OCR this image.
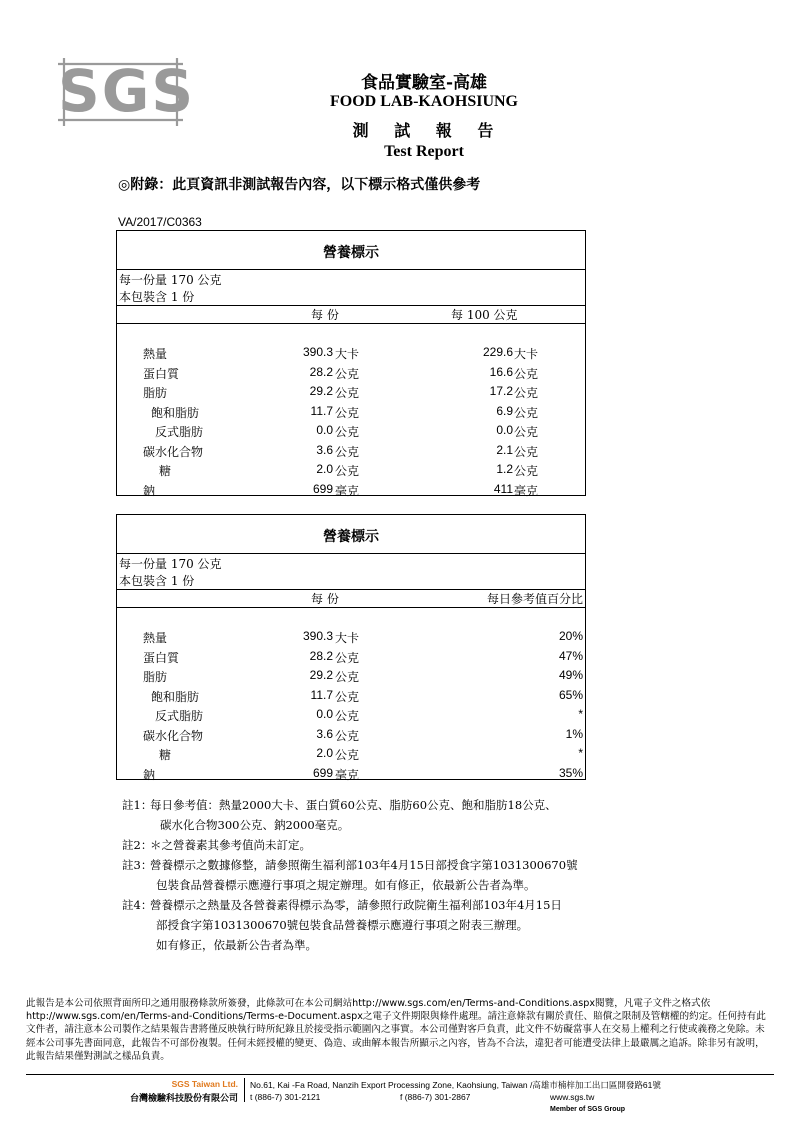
SGS	食品實驗室-高雄
FOOD LAB-KAOHSIUNG
測 試 報 告
Test Report
◎附錄：此頁資訊非測試報告內容，以下標示格式僅供參考
VA/2017/C0363
營養標示
每一份量 170 公克
本包裝含 1 份
每 份	每 100 公克
熱量	390.3 大卡	229.6 大卡
蛋白質	28.2 公克	16.6 公克
脂肪	29.2 公克	17.2 公克
飽和脂肪	11.7 公克	6.9 公克
反式脂肪	0.0 公克	0.0 公克
碳水化合物	3.6 公克	2.1 公克
糖	2.0 公克	1.2 公克
鈉	699 毫克	411 毫克
營養標示
每一份量 170 公克
本包裝含 1 份
每 份	每日參考值百分比
熱量	390.3 大卡	20%
蛋白質	28.2 公克	47%
脂肪	29.2 公克	49%
飽和脂肪	11.7 公克	65%
反式脂肪	0.0 公克	*
碳水化合物	3.6 公克	1%
糖	2.0 公克	*
鈉	699 毫克	35%
註1：
每日參考值：熱量2000大卡、蛋白質60公克、脂肪60公克、飽和脂肪18公克、
碳水化合物300公克、鈉2000毫克。
註2：
＊之營養素其參考值尚未訂定。
註3：
營養標示之數據修整，請參照衛生福利部103年4月15日部授食字第1031300670號
包裝食品營養標示應遵行事項之規定辦理。如有修正，依最新公告者為準。
註4：
營養標示之熱量及各營養素得標示為零，請參照行政院衛生福利部103年4月15日
部授食字第1031300670號包裝食品營養標示應遵行事項之附表三辦理。
如有修正，依最新公告者為準。
此報告是本公司依照背面所印之通用服務條款所簽發，此條款可在本公司網站http://www.sgs.com/en/Terms-and-Conditions.aspx閱覽，凡電子文件之格式依http://www.sgs.com/en/Terms-and-Conditions/Terms-e-Document.aspx之電子文件期限與條件處理。請注意條款有關於責任、賠償之限制及管轄權的約定。任何持有此文件者，請注意本公司製作之結果報告書將僅反映執行時所紀錄且於接受指示範圍內之事實。本公司僅對客戶負責，此文件不妨礙當事人在交易上權利之行使或義務之免除。未經本公司事先書面同意，此報告不可部份複製。任何未經授權的變更、偽造、或曲解本報告所顯示之內容，皆為不合法，違犯者可能遭受法律上最嚴厲之追訴。除非另有說明，此報告結果僅對測試之樣品負責。
SGS Taiwan Ltd.
台灣檢驗科技股份有限公司
No.61, Kai -Fa Road, Nanzih Export Processing Zone, Kaohsiung, Taiwan /高雄市楠梓加工出口區開發路61號
t (886-7) 301-2121	f (886-7) 301-2867	www.sgs.tw
Member of SGS Group
